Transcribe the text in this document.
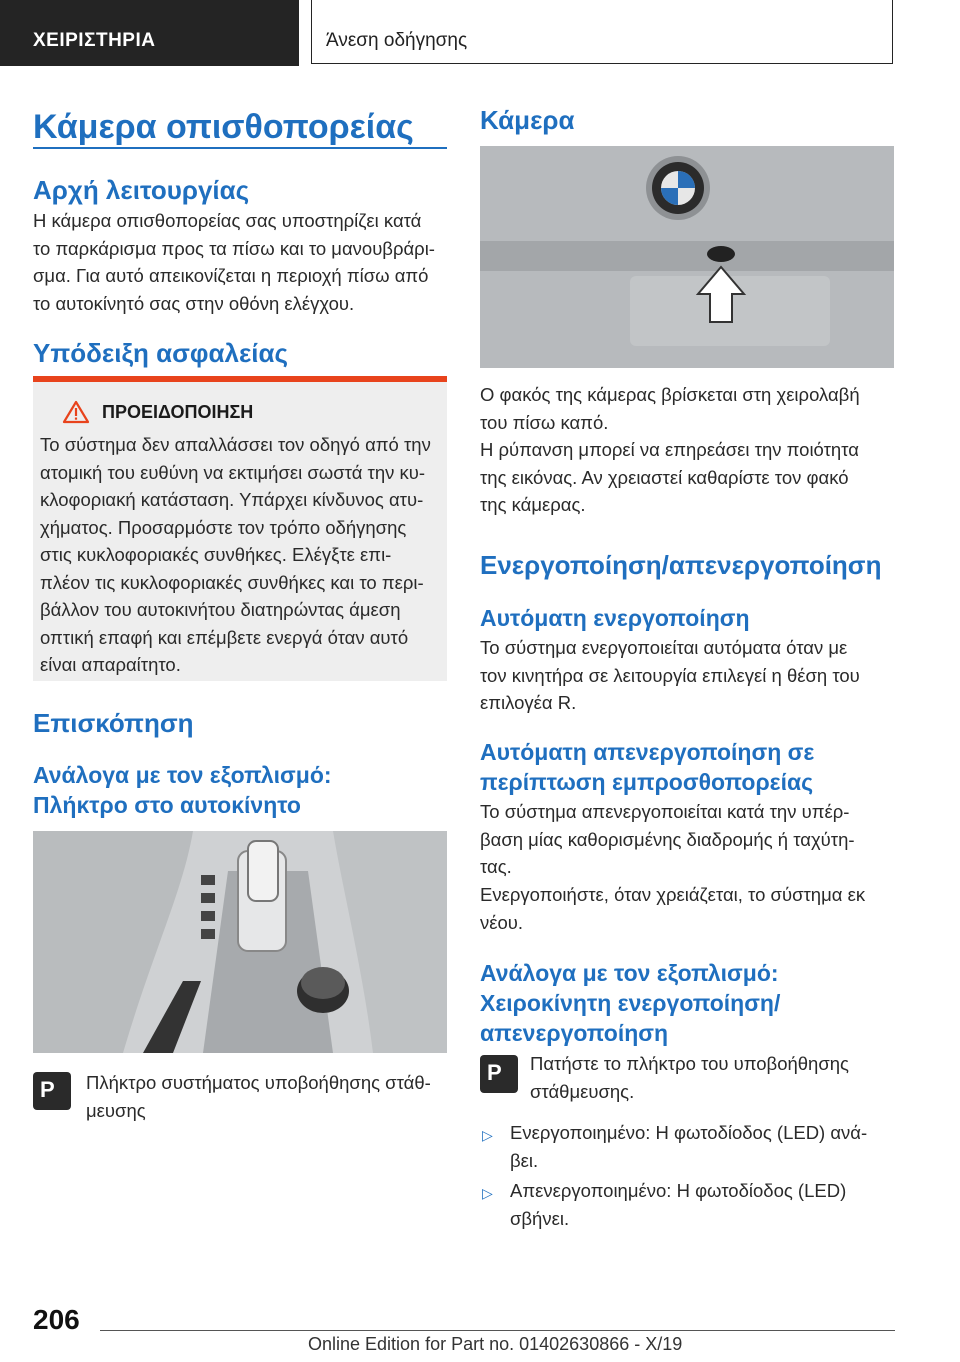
ΧΕΙΡΙΣΤΗΡΙΑ	Άνεση οδήγησης
Κάμερα οπισθοπορείας
Αρχή λειτουργίας

Η κάμερα οπισθοπορείας σας υποστηρίζει κατά
το παρκάρισμα προς τα πίσω και το μανουβράρι-
σμα. Για αυτό απεικονίζεται η περιοχή πίσω από
το αυτοκίνητό σας στην οθόνη ελέγχου.

Υπόδειξη ασφαλείας
ΠΡΟΕΙΔΟΠΟΙΗΣΗ

Το σύστημα δεν απαλλάσσει τον οδηγό από την
ατομική του ευθύνη να εκτιμήσει σωστά την κυ-
κλοφοριακή κατάσταση. Υπάρχει κίνδυνος ατυ-
χήματος. Προσαρμόστε τον τρόπο οδήγησης
στις κυκλοφοριακές συνθήκες. Ελέγξτε επι-
πλέον τις κυκλοφοριακές συνθήκες και το περι-
βάλλον του αυτοκινήτου διατηρώντας άμεση
οπτική επαφή και επέμβετε ενεργά όταν αυτό
είναι απαραίτητο.

Επισκόπηση
Ανάλογα με τον εξοπλισμό:
Πλήκτρο στο αυτοκίνητο
P Πλήκτρο συστήματος υποβοήθησης στάθ-
μευσης

Κάμερα

Ο φακός της κάμερας βρίσκεται στη χειρολαβή
του πίσω καπό.

Η ρύπανση μπορεί να επηρεάσει την ποιότητα
της εικόνας. Αν χρειαστεί καθαρίστε τον φακό
της κάμερας.

Ενεργοποίηση/απενεργοποίηση
Αυτόματη ενεργοποίηση

Το σύστημα ενεργοποιείται αυτόματα όταν με
τον κινητήρα σε λειτουργία επιλεγεί η θέση του
επιλογέα R.

Αυτόματη απενεργοποίηση σε
περίπτωση εμπροσθοπορείας

Το σύστημα απενεργοποιείται κατά την υπέρ-
βαση μίας καθορισμένης διαδρομής ή ταχύτη-
τας.

Ενεργοποιήστε, όταν χρειάζεται, το σύστημα εκ
νέου.

Ανάλογα με τον εξοπλισμό:
Χειροκίνητη ενεργοποίηση/
απενεργοποίηση
P Πατήστε το πλήκτρο του υποβοήθησης
στάθμευσης.

▷ Ενεργοποιημένο: Η φωτοδίοδος (LED) ανά-
βει.

▷ Απενεργοποιημένο: Η φωτοδίοδος (LED)
σβήνει.

206
Online Edition for Part no. 01402630866 - X/19
